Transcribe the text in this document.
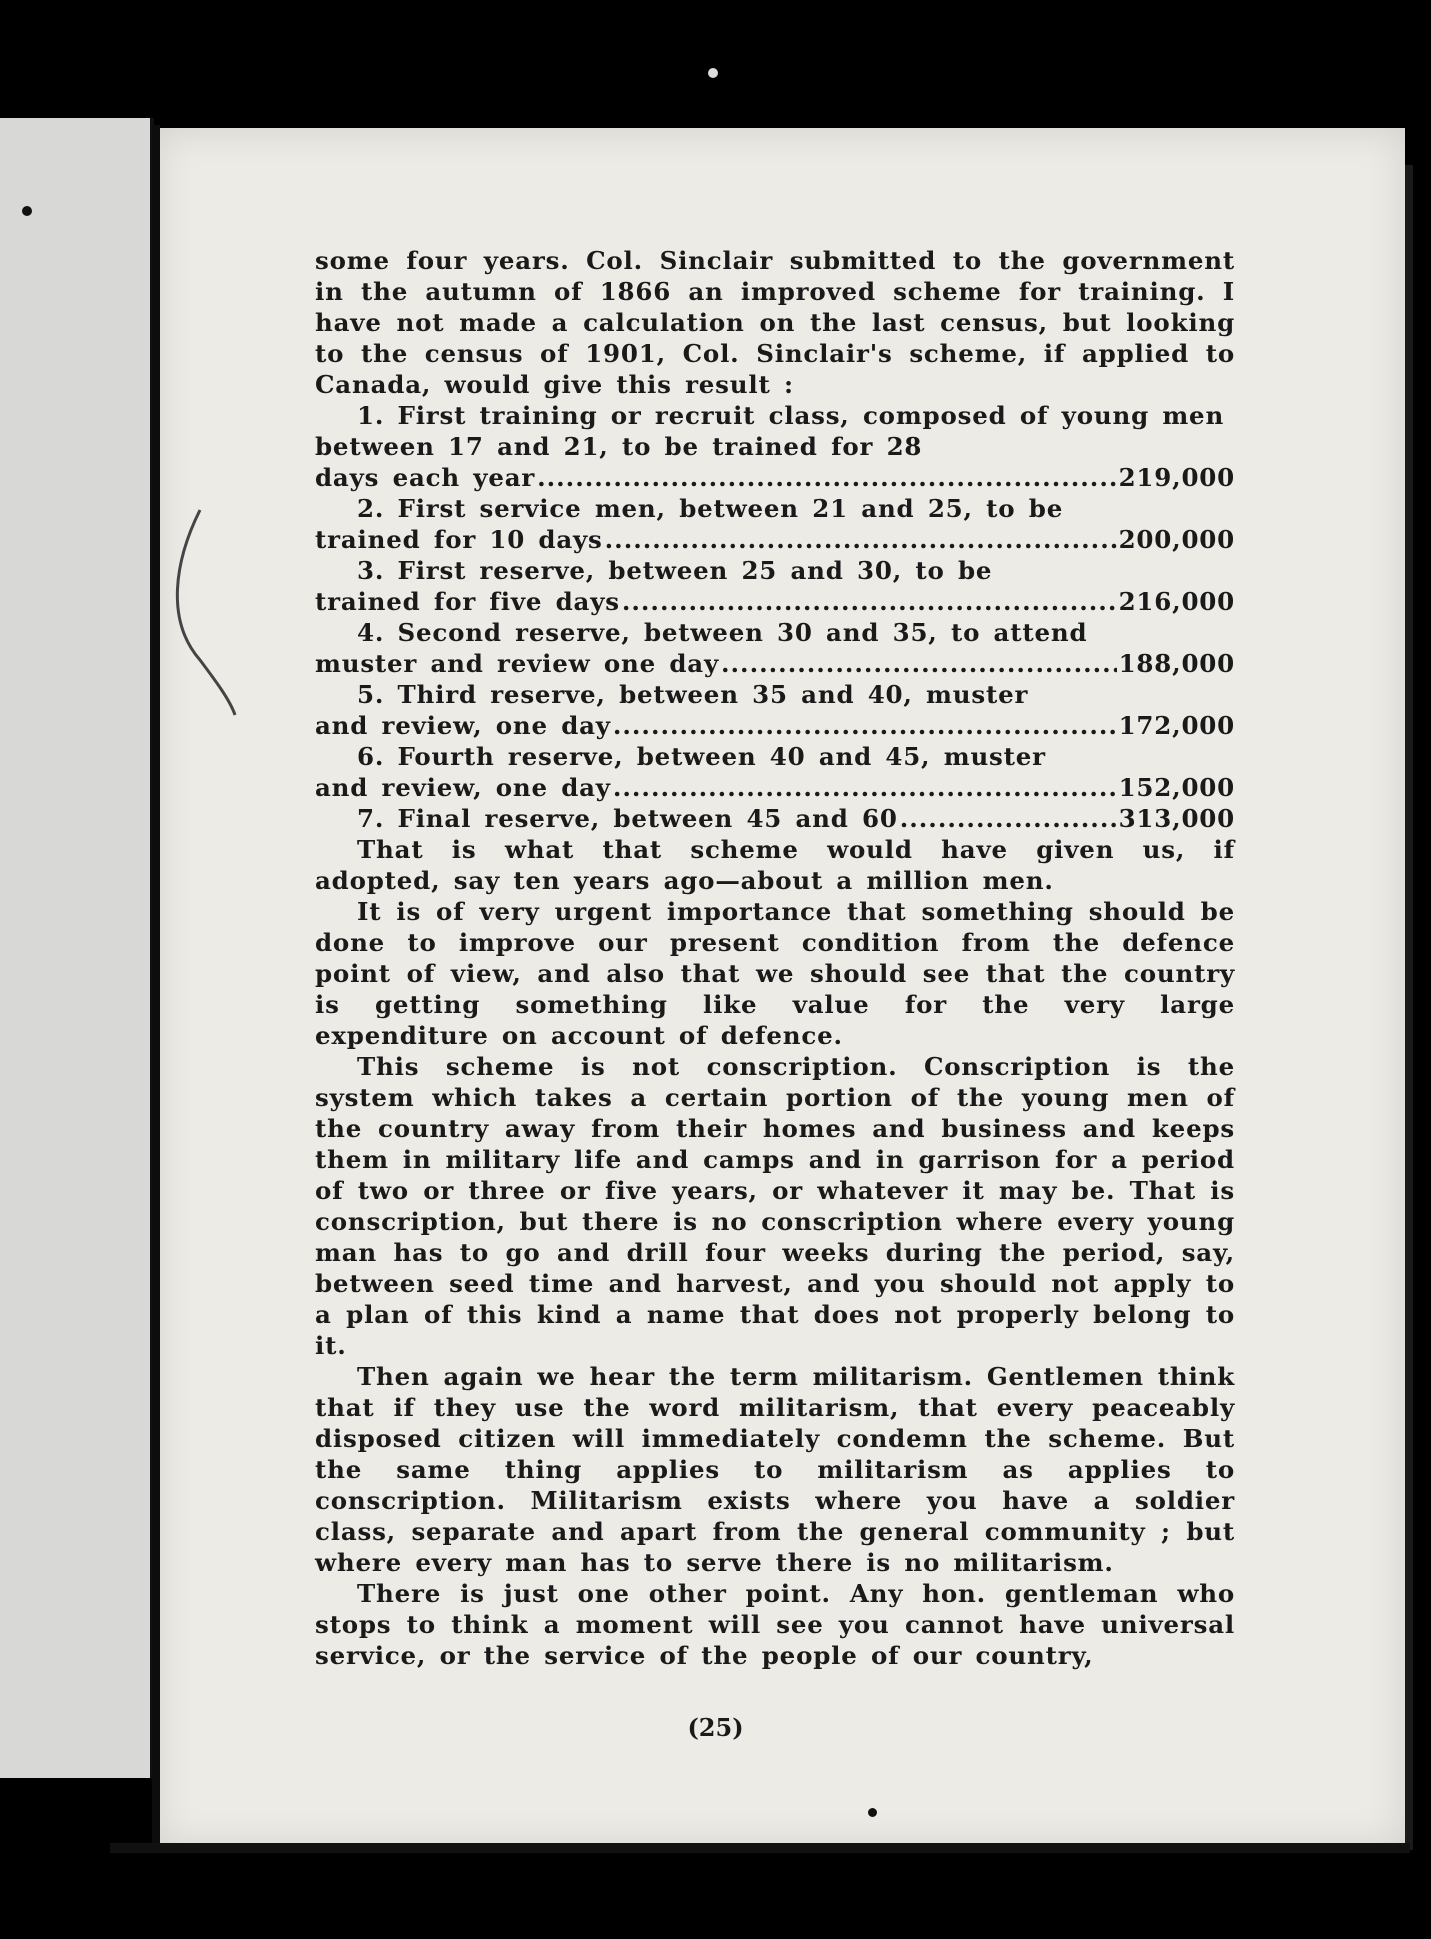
some four years. Col. Sinclair submitted to the government in the autumn of 1866 an improved scheme for training. I have not made a calculation on the last census, but looking to the census of 1901, Col. Sinclair's scheme, if applied to Canada, would give this result :

1. First training or recruit class, composed of young men between 17 and 21, to be trained for 28
days each year .....	219,000
2. First service men, between 21 and 25, to be
trained for 10 days .....	200,000
3. First reserve, between 25 and 30, to be
trained for five days .....	216,000
4. Second reserve, between 30 and 35, to attend
muster and review one day .....	188,000
5. Third reserve, between 35 and 40, muster
and review, one day .....	172,000
6. Fourth reserve, between 40 and 45, muster
and review, one day .....	152,000
7. Final reserve, between 45 and 60 .....	313,000

That is what that scheme would have given us, if adopted, say ten years ago—about a million men.

It is of very urgent importance that something should be done to improve our present condition from the defence point of view, and also that we should see that the country is getting something like value for the very large expenditure on account of defence.

This scheme is not conscription. Conscription is the system which takes a certain portion of the young men of the country away from their homes and business and keeps them in military life and camps and in garrison for a period of two or three or five years, or whatever it may be. That is conscription, but there is no conscription where every young man has to go and drill four weeks during the period, say, between seed time and harvest, and you should not apply to a plan of this kind a name that does not properly belong to it.

Then again we hear the term militarism. Gentlemen think that if they use the word militarism, that every peaceably disposed citizen will immediately condemn the scheme. But the same thing applies to militarism as applies to conscription. Militarism exists where you have a soldier class, separate and apart from the general community ; but where every man has to serve there is no militarism.

There is just one other point. Any hon. gentleman who stops to think a moment will see you cannot have universal service, or the service of the people of our country,

(25)
